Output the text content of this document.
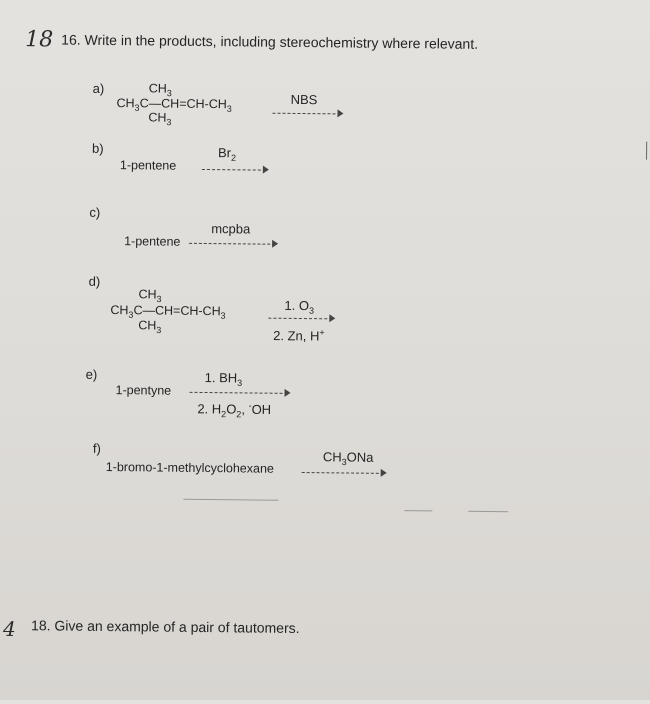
18 16. Write in the products, including stereochemistry where relevant.
a)	$CH_3$
$CH_3C—CH=CH-CH_3$
$CH_3$
NBS
b)
1-pentene
$Br_2$
c)
mcpba
1-pentene
d)
$CH_3$
$CH_3C—CH=CH-CH_3$
$CH_3$
1. $O_3$
2. Zn, H+
e)	1. $BH_3$
1-pentyne
2. $H_2O_2$, -OH
f)
$CH_3ONa$
1-bromo-1-methylcyclohexane
4 18. Give an example of a pair of tautomers.
